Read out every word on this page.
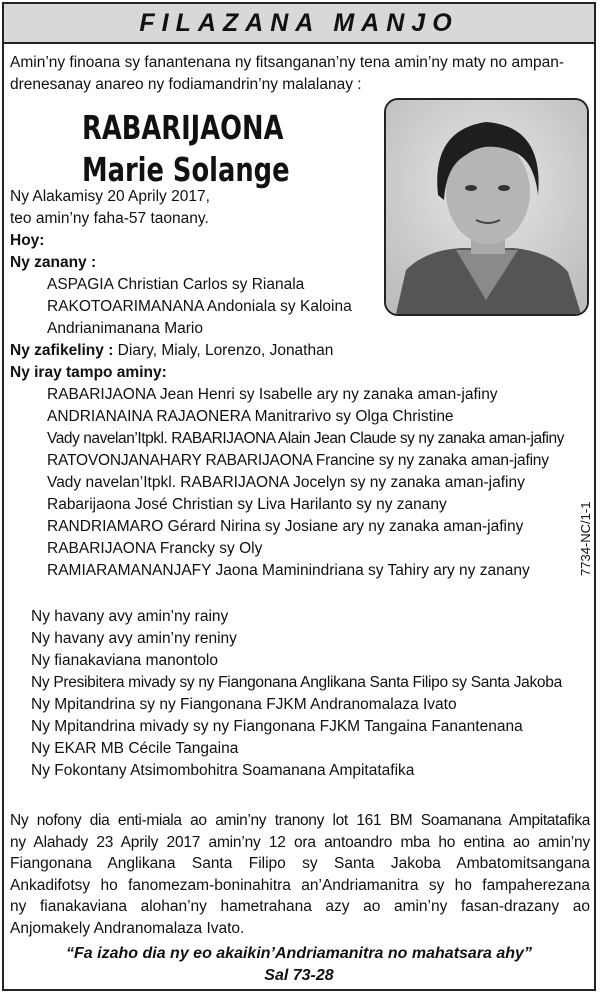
FILAZANA MANJO
Amin’ny finoana sy fanantenana ny fitsanganan’ny tena amin’ny maty no ampan-
drenesanay anareo ny fodiamandrin’ny malalanay :
RABARIJAONA
Marie Solange
Ny Alakamisy 20 Aprily 2017,
teo amin’ny faha-57 taonany.
Hoy:
Ny zanany :
ASPAGIA Christian Carlos sy Rianala
RAKOTOARIMANANA Andoniala sy Kaloina
Andrianimanana Mario
Ny zafikeliny : Diary, Mialy, Lorenzo, Jonathan
Ny iray tampo aminy:
RABARIJAONA Jean Henri sy Isabelle ary ny zanaka aman-jafiny
ANDRIANAINA RAJAONERA Manitrarivo sy Olga Christine
Vady navelan’Itpkl. RABARIJAONA Alain Jean Claude sy ny zanaka aman-jafiny
RATOVONJANAHARY RABARIJAONA Francine sy ny zanaka aman-jafiny
Vady navelan’Itpkl. RABARIJAONA Jocelyn sy ny zanaka aman-jafiny
Rabarijaona José Christian sy Liva Harilanto sy ny zanany
RANDRIAMARO Gérard Nirina sy Josiane ary ny zanaka aman-jafiny
RABARIJAONA Francky sy Oly
RAMIARAMANANJAFY Jaona Maminindriana sy Tahiry ary ny zanany	7734-NC/1-1
Ny havany avy amin’ny rainy
Ny havany avy amin’ny reniny
Ny fianakaviana manontolo
Ny Presibitera mivady sy ny Fiangonana Anglikana Santa Filipo sy Santa Jakoba
Ny Mpitandrina sy ny Fiangonana FJKM Andranomalaza Ivato
Ny Mpitandrina mivady sy ny Fiangonana FJKM Tangaina Fanantenana
Ny EKAR MB Cécile Tangaina
Ny Fokontany Atsimombohitra Soamanana Ampitatafika
Ny nofony dia enti-miala ao amin’ny tranony lot 161 BM Soamanana Ampitatafika
ny Alahady 23 Aprily 2017 amin’ny 12 ora antoandro mba ho entina ao amin’ny
Fiangonana Anglikana Santa Filipo sy Santa Jakoba Ambatomitsangana
Ankadifotsy ho fanomezam-boninahitra an’Andriamanitra sy ho fampaherezana
ny fianakaviana alohan’ny hametrahana azy ao amin’ny fasan-drazany ao
Anjomakely Andranomalaza Ivato.
“Fa izaho dia ny eo akaikin’Andriamanitra no mahatsara ahy”
Sal 73-28
